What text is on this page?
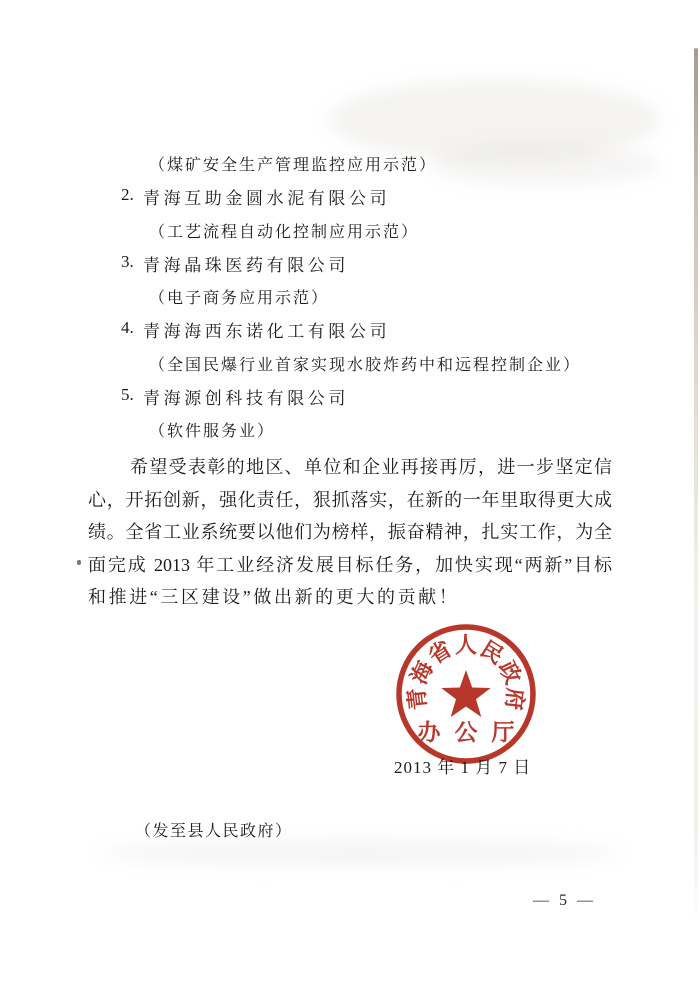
（煤矿安全生产管理监控应用示范）
2. 青海互助金圆水泥有限公司
（工艺流程自动化控制应用示范）
3. 青海晶珠医药有限公司
（电子商务应用示范）
4. 青海海西东诺化工有限公司
（全国民爆行业首家实现水胶炸药中和远程控制企业）
5. 青海源创科技有限公司
（软件服务业）
希望受表彰的地区、单位和企业再接再厉，进一步坚定信
心，开拓创新，强化责任，狠抓落实，在新的一年里取得更大成
绩。全省工业系统要以他们为榜样，振奋精神，扎实工作，为全
面完成 2013 年工业经济发展目标任务，加快实现“两新”目标
和推进“三区建设”做出新的更大的贡献！
2013 年 1 月 7 日
青
海
省 人 民
政
府
办公厅
（发至县人民政府）
— 5 —
